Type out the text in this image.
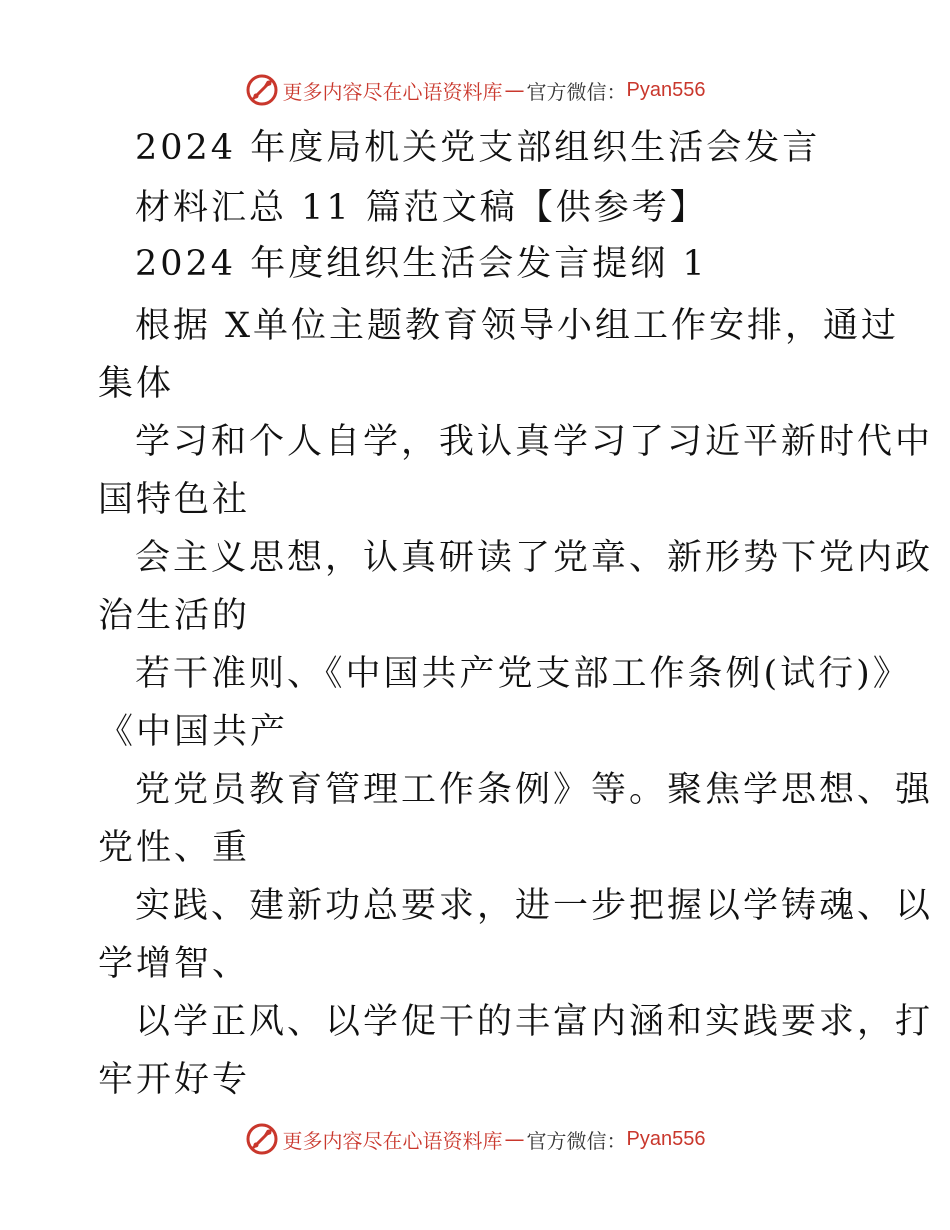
更多内容尽在心语资料库 — 官方微信： Pyan556
2024 年度局机关党支部组织生活会发言
材料汇总 11 篇范文稿【供参考】
2024 年度组织生活会发言提纲 1
根据 X单位主题教育领导小组工作安排，通过
集体
学习和个人自学，我认真学习了习近平新时代中
国特色社
会主义思想，认真研读了党章、新形势下党内政
治生活的
若干准则、《中国共产党支部工作条例(试行)》
《中国共产
党党员教育管理工作条例》等。聚焦学思想、强
党性、重
实践、建新功总要求，进一步把握以学铸魂、以
学增智、
以学正风、以学促干的丰富内涵和实践要求，打
牢开好专
更多内容尽在心语资料库 — 官方微信： Pyan556
